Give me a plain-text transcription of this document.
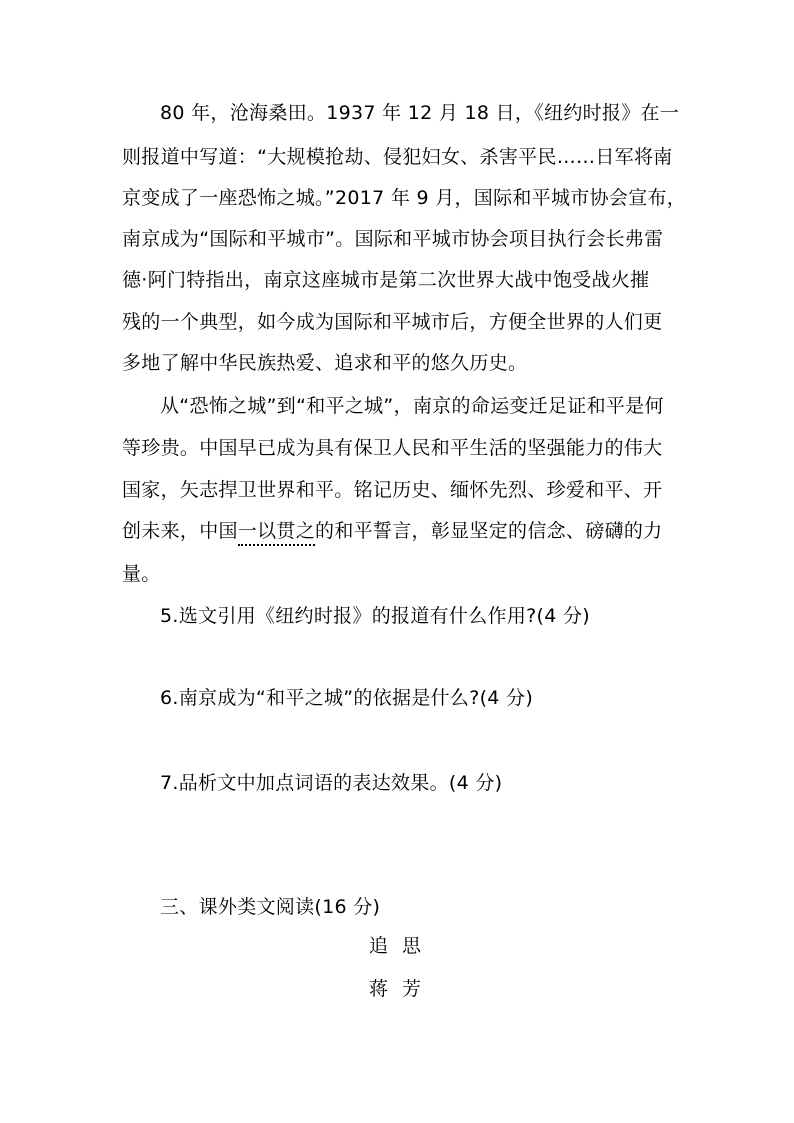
80 年，沧海桑田。1937 年 12 月 18 日，《纽约时报》在一
则报道中写道：“大规模抢劫、侵犯妇女、杀害平民……日军将南
京变成了一座恐怖之城。”2017 年 9 月，国际和平城市协会宣布，
南京成为“国际和平城市”。国际和平城市协会项目执行会长弗雷
德·阿门特指出，南京这座城市是第二次世界大战中饱受战火摧
残的一个典型，如今成为国际和平城市后，方便全世界的人们更
多地了解中华民族热爱、追求和平的悠久历史。
从“恐怖之城”到“和平之城”，南京的命运变迁足证和平是何
等珍贵。中国早已成为具有保卫人民和平生活的坚强能力的伟大
国家，矢志捍卫世界和平。铭记历史、缅怀先烈、珍爱和平、开
创未来，中国一以贯之的和平誓言，彰显坚定的信念、磅礴的力
量。
5.选文引用《纽约时报》的报道有什么作用?(4 分)
6.南京成为“和平之城”的依据是什么?(4 分)
7.品析文中加点词语的表达效果。(4 分)
三、课外类文阅读(16 分)
追 思
蒋 芳
